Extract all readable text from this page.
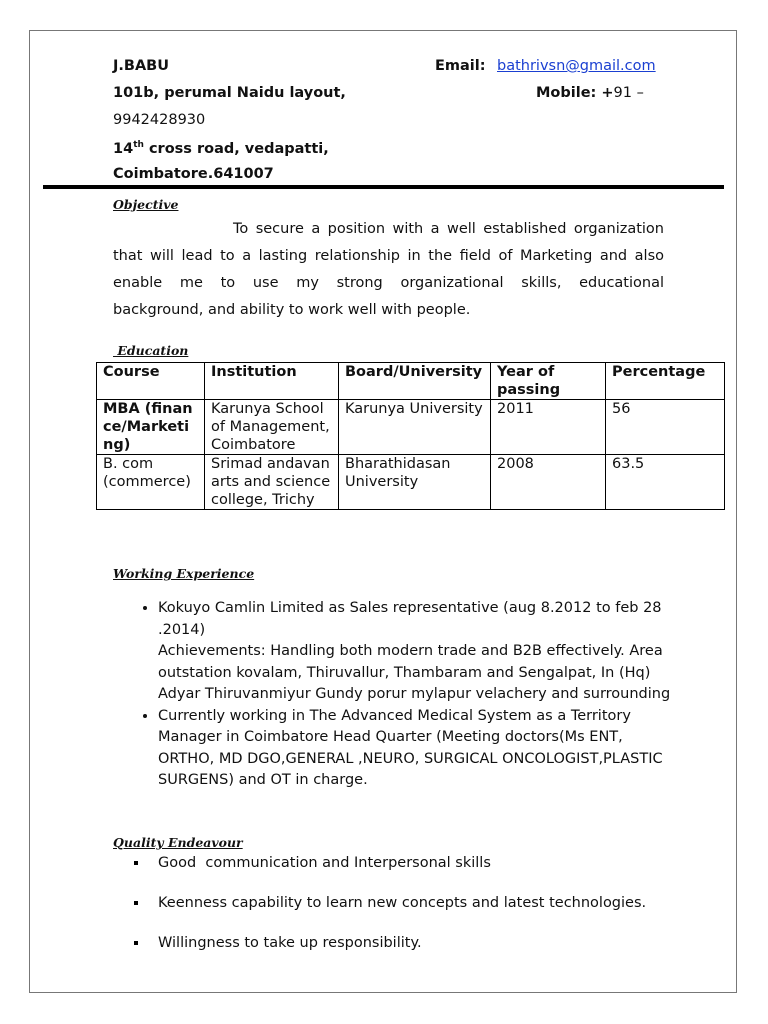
J.BABU
101b, perumal Naidu layout,
9942428930
14th cross road, vedapatti,
Coimbatore.641007
Email: bathrivsn@gmail.com
Mobile: +91 –
Objective
To secure a position with a well established organization
that will lead to a lasting relationship in the field of Marketing and also
enable me to use my strong organizational skills, educational
background, and ability to work well with people.
Education
Course	Institution	Board/University	Year of passing	Percentage
MBA (finance/Marketing)	Karunya School of Management, Coimbatore	Karunya University	2011	56
B. com (commerce)	Srimad andavan arts and science college, Trichy	Bharathidasan University	2008	63.5
Working Experience
• Kokuyo Camlin Limited as Sales representative (aug 8.2012 to feb 28 .2014)
Achievements: Handling both modern trade and B2B effectively. Area outstation kovalam, Thiruvallur, Thambaram and Sengalpat, In (Hq) Adyar Thiruvanmiyur Gundy porur mylapur velachery and surrounding
• Currently working in The Advanced Medical System as a Territory Manager in Coimbatore Head Quarter (Meeting doctors(Ms ENT, ORTHO, MD DGO,GENERAL ,NEURO, SURGICAL ONCOLOGIST,PLASTIC SURGENS) and OT in charge.
Quality Endeavour
Good  communication and Interpersonal skills
Keenness capability to learn new concepts and latest technologies.
Willingness to take up responsibility.
